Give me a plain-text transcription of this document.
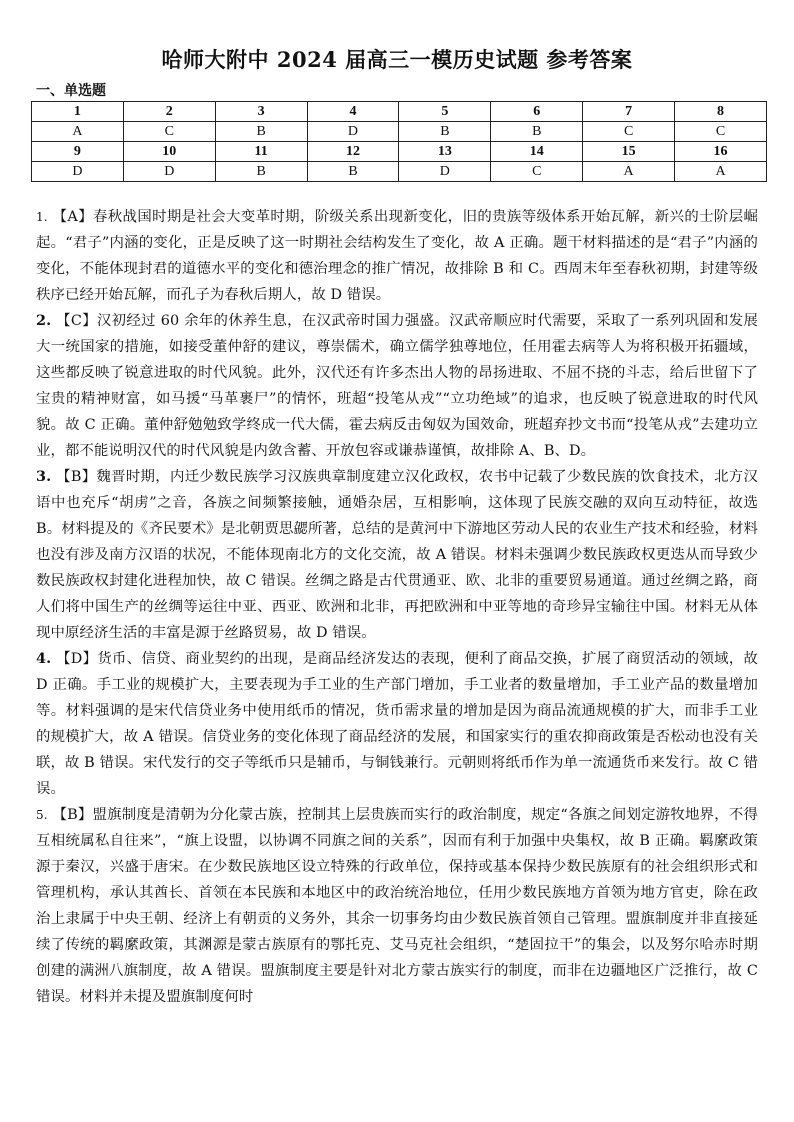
哈师大附中 2024 届高三一模历史试题 参考答案
一、单选题
1	2	3	4	5	6	7	8
A	C	B	D	B	B	C	C
9	10	11	12	13	14	15	16
D	D	B	B	D	C	A	A

1. 【A】春秋战国时期是社会大变革时期，阶级关系出现新变化，旧的贵族等级体系开始瓦解，新兴的士阶层崛起。“君子”内涵的变化，正是反映了这一时期社会结构发生了变化，故 A 正确。题干材料描述的是“君子”内涵的变化，不能体现封君的道德水平的变化和德治理念的推广情况，故排除 B 和 C。西周末年至春秋初期，封建等级秩序已经开始瓦解，而孔子为春秋后期人，故 D 错误。

2. 【C】汉初经过 60 余年的休养生息，在汉武帝时国力强盛。汉武帝顺应时代需要，采取了一系列巩固和发展大一统国家的措施，如接受董仲舒的建议，尊崇儒术，确立儒学独尊地位，任用霍去病等人为将积极开拓疆域，这些都反映了锐意进取的时代风貌。此外，汉代还有许多杰出人物的昂扬进取、不屈不挠的斗志，给后世留下了宝贵的精神财富，如马援“马革裹尸”的情怀，班超“投笔从戎”“立功绝域”的追求，也反映了锐意进取的时代风貌。故 C 正确。董仲舒勉勉致学终成一代大儒，霍去病反击匈奴为国效命，班超弃抄文书而“投笔从戎”去建功立业，都不能说明汉代的时代风貌是内敛含蓄、开放包容或谦恭谨慎，故排除 A、B、D。

3. 【B】魏晋时期，内迁少数民族学习汉族典章制度建立汉化政权，农书中记载了少数民族的饮食技术，北方汉语中也充斥“胡虏”之音，各族之间频繁接触，通婚杂居，互相影响，这体现了民族交融的双向互动特征，故选 B。材料提及的《齐民要术》是北朝贾思勰所著，总结的是黄河中下游地区劳动人民的农业生产技术和经验，材料也没有涉及南方汉语的状况，不能体现南北方的文化交流，故 A 错误。材料未强调少数民族政权更迭从而导致少数民族政权封建化进程加快，故 C 错误。丝绸之路是古代贯通亚、欧、北非的重要贸易通道。通过丝绸之路，商人们将中国生产的丝绸等运往中亚、西亚、欧洲和北非，再把欧洲和中亚等地的奇珍异宝输往中国。材料无从体现中原经济生活的丰富是源于丝路贸易，故 D 错误。

4. 【D】货币、信贷、商业契约的出现，是商品经济发达的表现，便利了商品交换，扩展了商贸活动的领域，故 D 正确。手工业的规模扩大，主要表现为手工业的生产部门增加，手工业者的数量增加，手工业产品的数量增加等。材料强调的是宋代信贷业务中使用纸币的情况，货币需求量的增加是因为商品流通规模的扩大，而非手工业的规模扩大，故 A 错误。信贷业务的变化体现了商品经济的发展，和国家实行的重农抑商政策是否松动也没有关联，故 B 错误。宋代发行的交子等纸币只是辅币，与铜钱兼行。元朝则将纸币作为单一流通货币来发行。故 C 错误。

5. 【B】盟旗制度是清朝为分化蒙古族，控制其上层贵族而实行的政治制度，规定“各旗之间划定游牧地界，不得互相统属私自往来”，“旗上设盟，以协调不同旗之间的关系”，因而有利于加强中央集权，故 B 正确。羁縻政策源于秦汉，兴盛于唐宋。在少数民族地区设立特殊的行政单位，保持或基本保持少数民族原有的社会组织形式和管理机构，承认其酋长、首领在本民族和本地区中的政治统治地位，任用少数民族地方首领为地方官吏，除在政治上隶属于中央王朝、经济上有朝贡的义务外，其余一切事务均由少数民族首领自己管理。盟旗制度并非直接延续了传统的羁縻政策，其渊源是蒙古族原有的鄂托克、艾马克社会组织，“楚固拉干”的集会，以及努尔哈赤时期创建的满洲八旗制度，故 A 错误。盟旗制度主要是针对北方蒙古族实行的制度，而非在边疆地区广泛推行，故 C 错误。材料并未提及盟旗制度何时
